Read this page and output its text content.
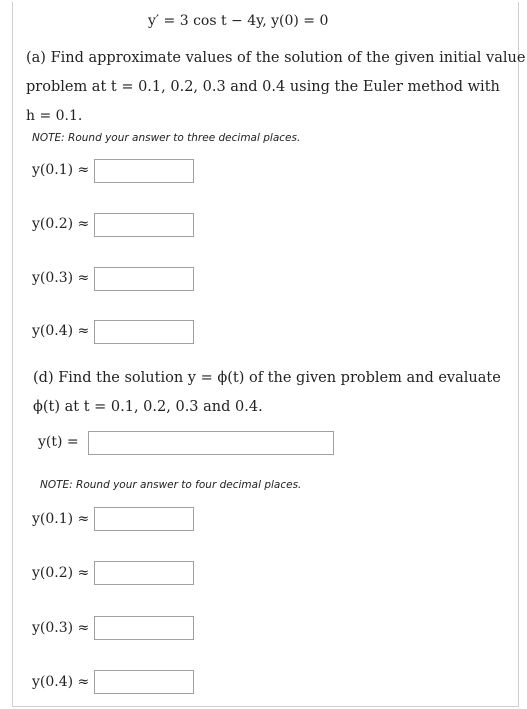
y′ = 3 cos t − 4y, y(0) = 0
(a) Find approximate values of the solution of the given initial value
problem at t = 0.1, 0.2, 0.3 and 0.4 using the Euler method with
h = 0.1.
NOTE: Round your answer to three decimal places.
y(0.1) ≈
y(0.2) ≈
y(0.3) ≈
y(0.4) ≈
(d) Find the solution y = ϕ(t) of the given problem and evaluate
ϕ(t) at t = 0.1, 0.2, 0.3 and 0.4.
y(t) =
NOTE: Round your answer to four decimal places.
y(0.1) ≈
y(0.2) ≈
y(0.3) ≈
y(0.4) ≈
